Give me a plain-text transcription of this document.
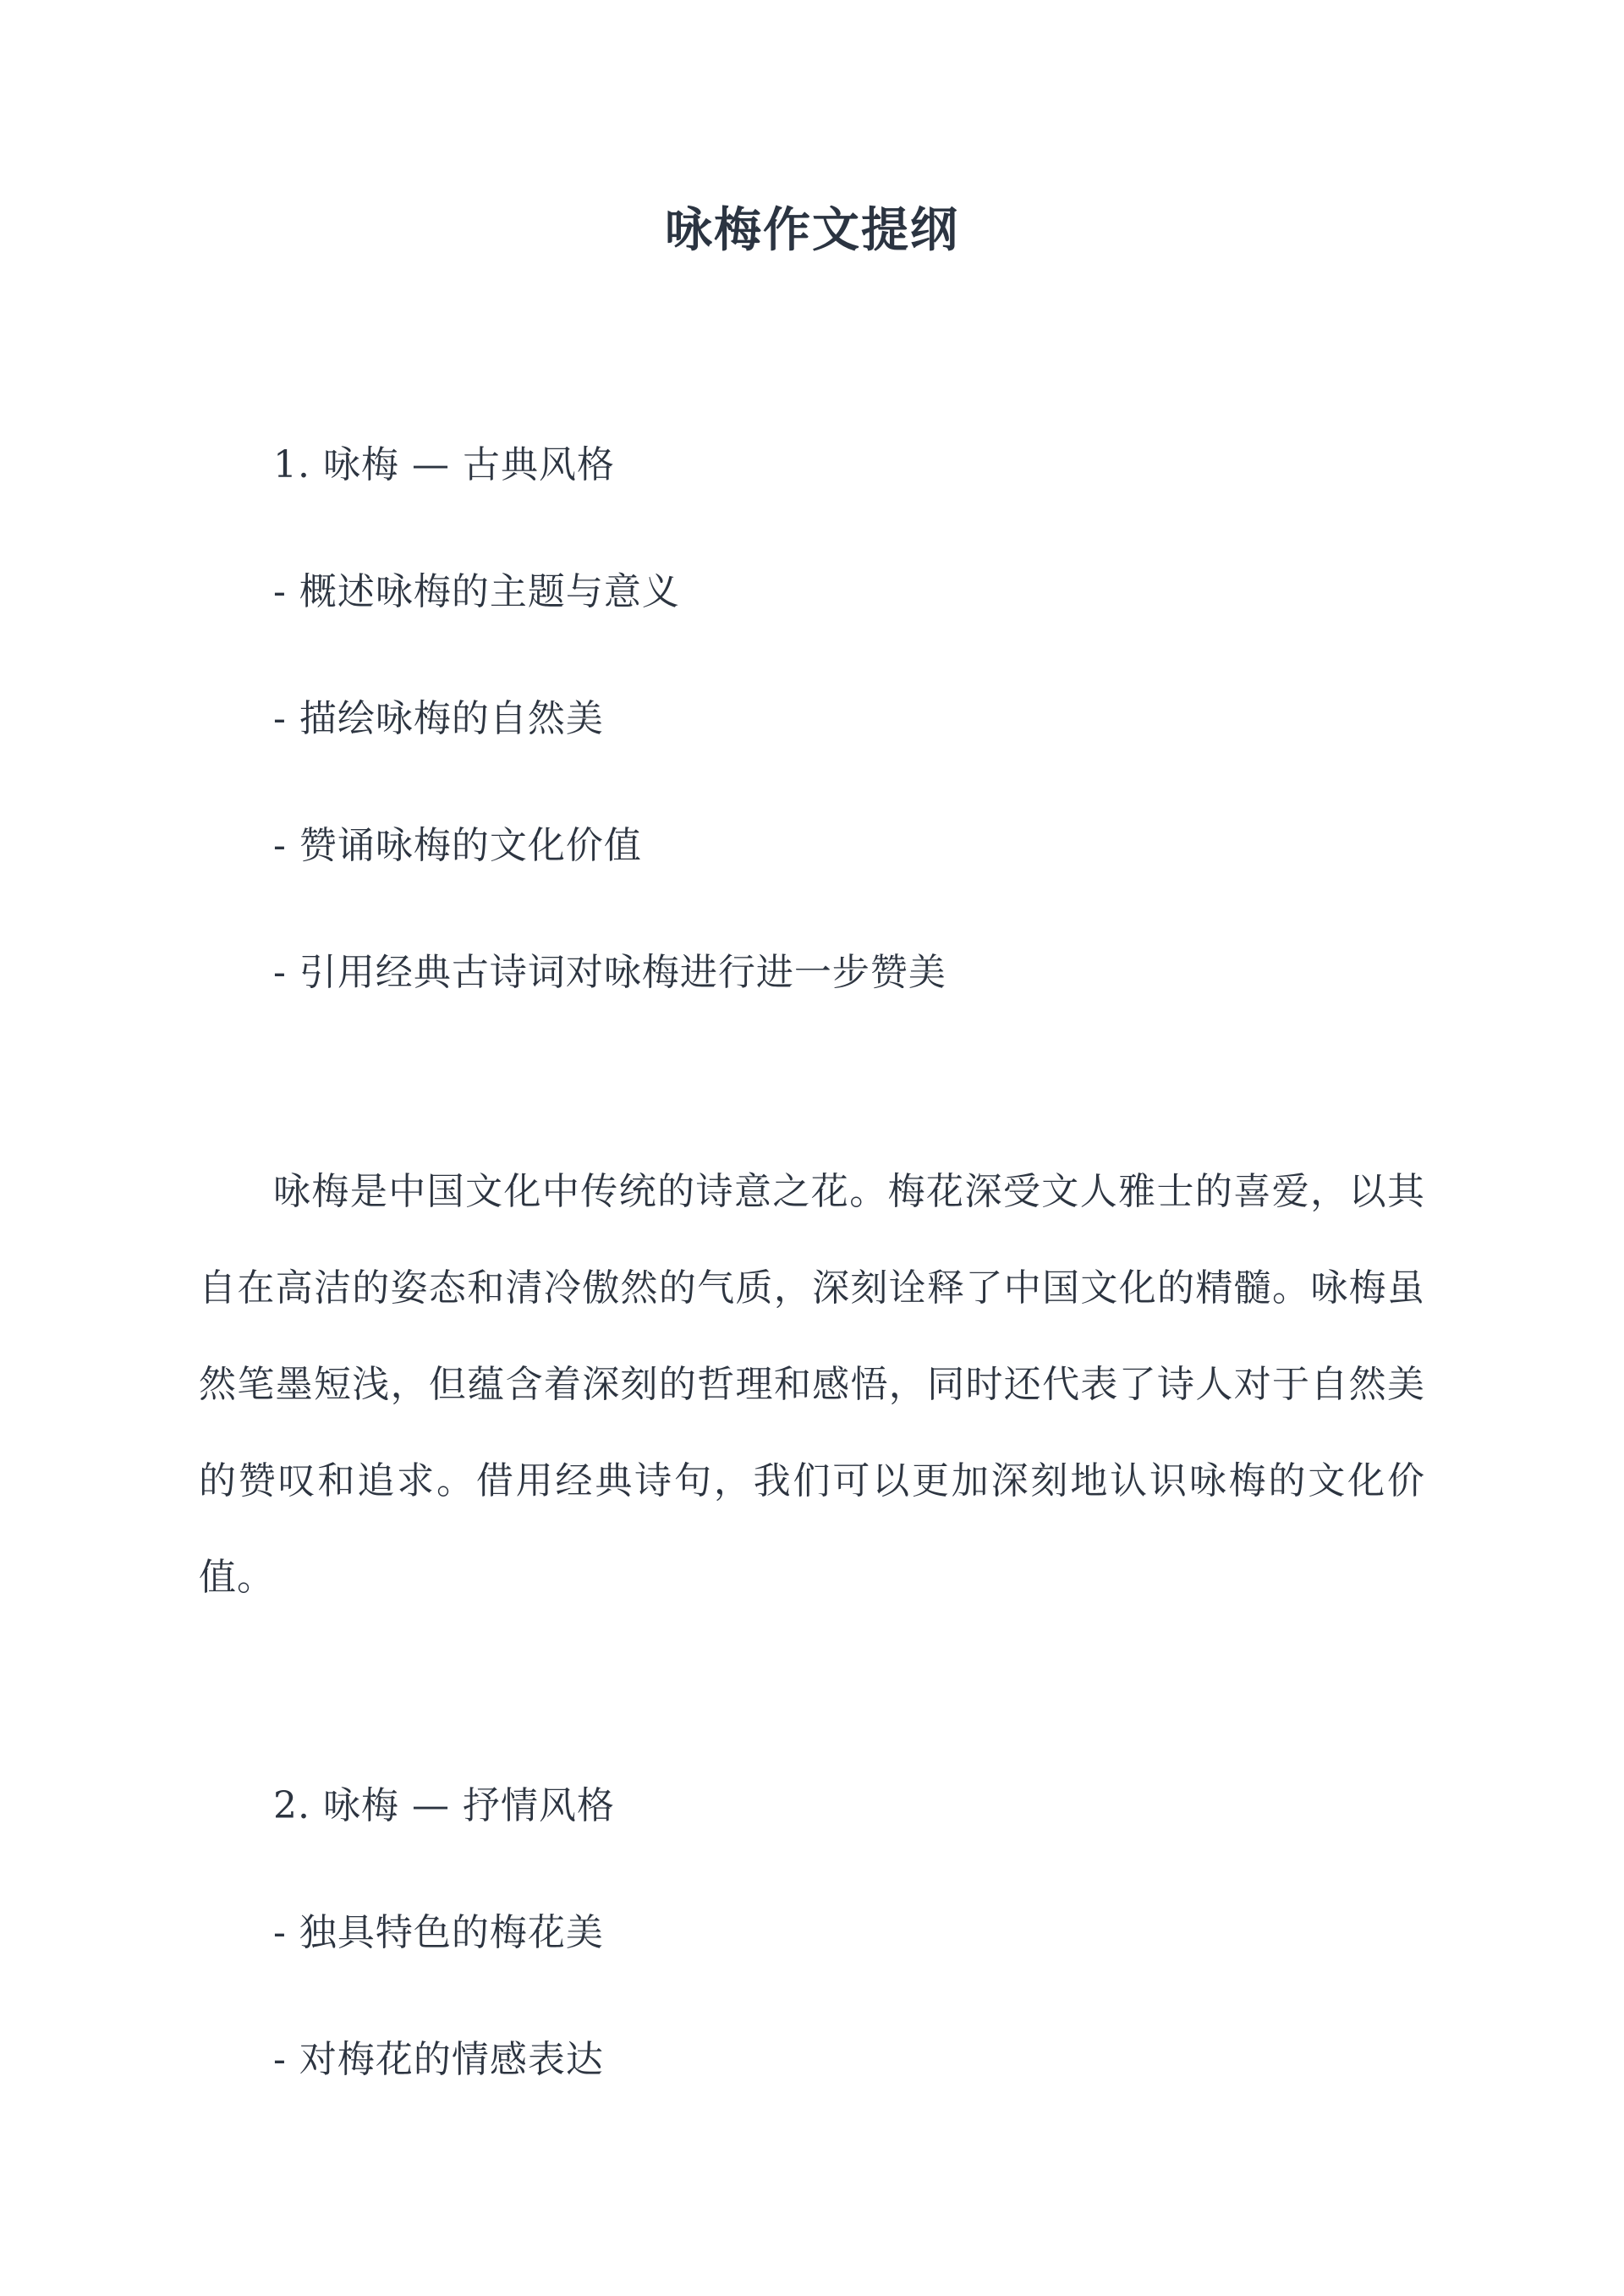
咏梅作文提纲
1. 咏梅 — 古典风格
- 概述咏梅的主题与意义
- 描绘咏梅的自然美
- 赞诵咏梅的文化价值
- 引用经典古诗词对咏梅进行进一步赞美
咏梅是中国文化中传统的诗意之花。梅花深受文人雅士的喜爱，以其自在高洁的姿态和清冷傲然的气质，深刻诠释了中国文化的精髓。咏梅虽然笔墨短浅，但蕴含着深刻的哲理和感悟，同时还代表了诗人对于自然美的赞叹和追求。借用经典诗句，我们可以更加深刻地认识咏梅的文化价值。
2. 咏梅 — 抒情风格
- 独具特色的梅花美
- 对梅花的情感表达
